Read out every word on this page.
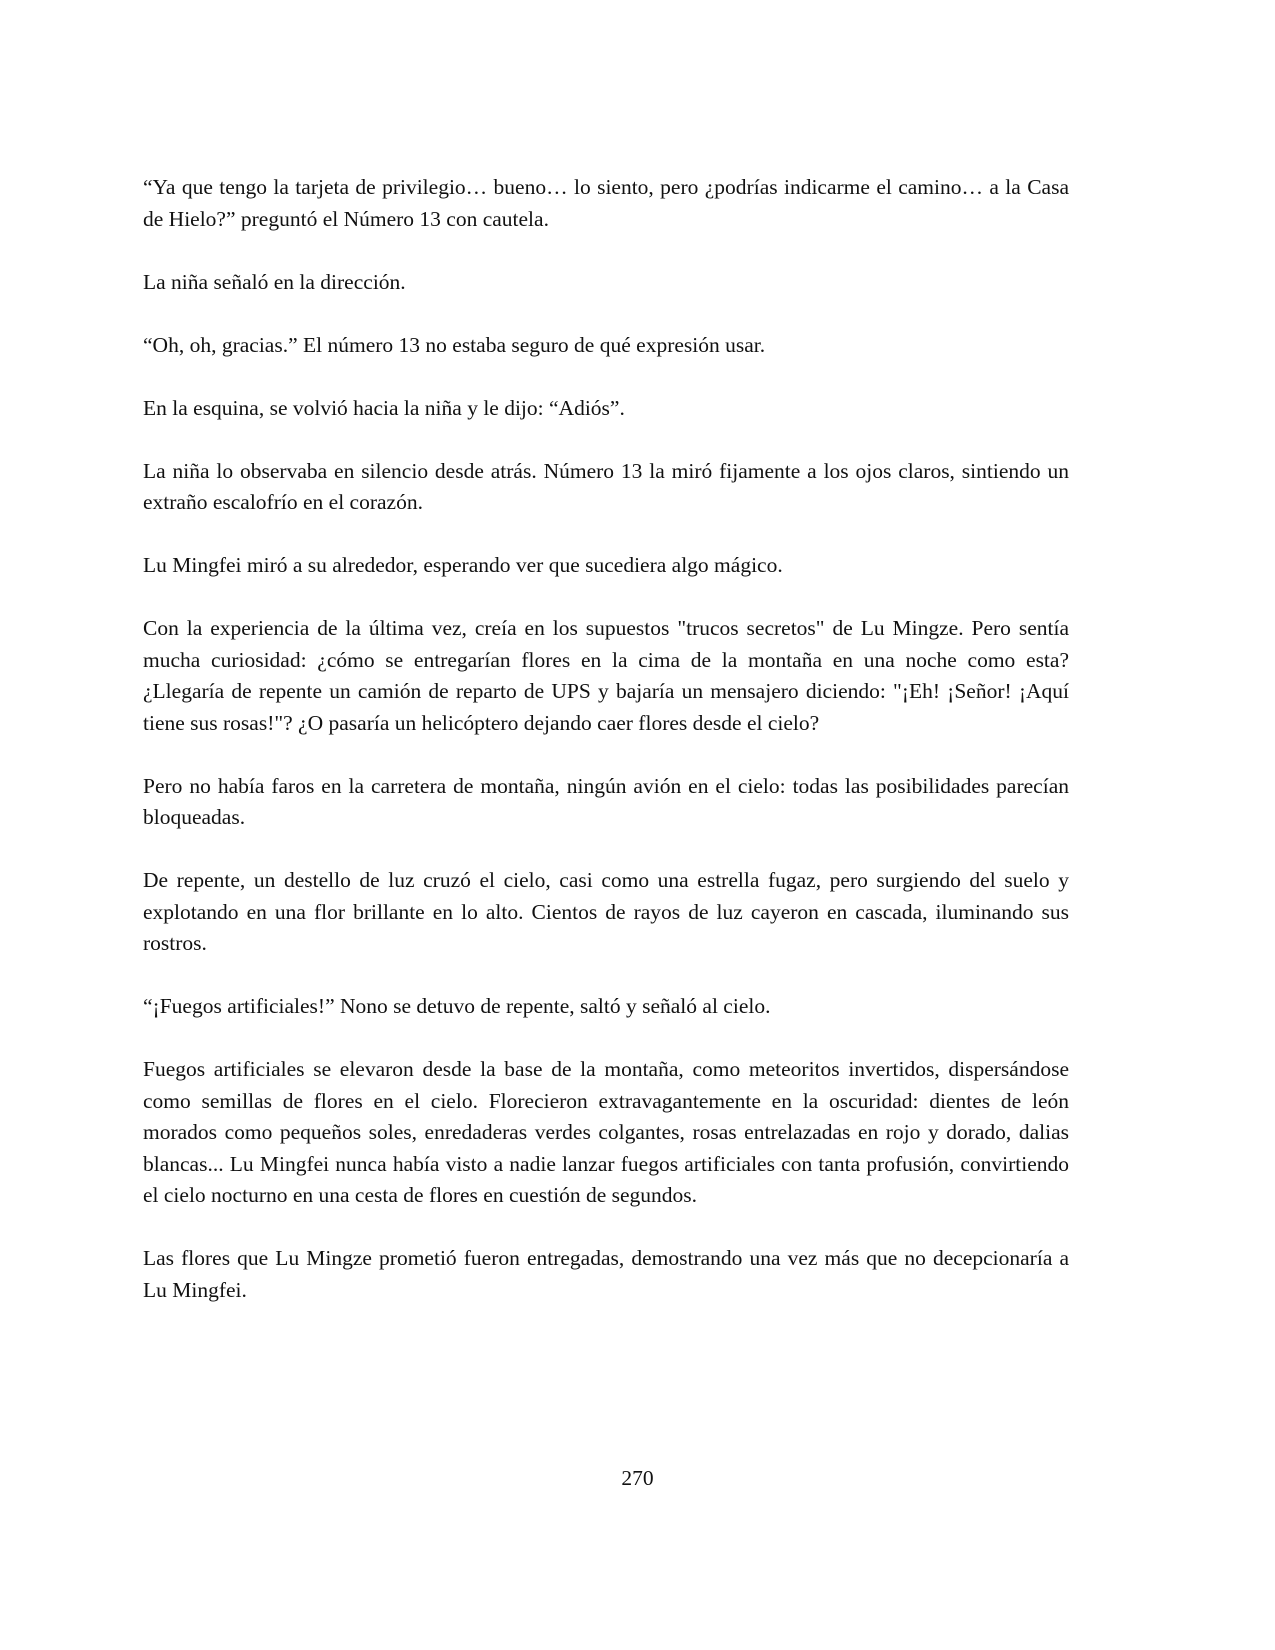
“Ya que tengo la tarjeta de privilegio… bueno… lo siento, pero ¿podrías indicarme el camino… a la Casa de Hielo?” preguntó el Número 13 con cautela.

La niña señaló en la dirección.

“Oh, oh, gracias.” El número 13 no estaba seguro de qué expresión usar.

En la esquina, se volvió hacia la niña y le dijo: “Adiós”.

La niña lo observaba en silencio desde atrás. Número 13 la miró fijamente a los ojos claros, sintiendo un extraño escalofrío en el corazón.

Lu Mingfei miró a su alrededor, esperando ver que sucediera algo mágico.

Con la experiencia de la última vez, creía en los supuestos "trucos secretos" de Lu Mingze. Pero sentía mucha curiosidad: ¿cómo se entregarían flores en la cima de la montaña en una noche como esta? ¿Llegaría de repente un camión de reparto de UPS y bajaría un mensajero diciendo: "¡Eh! ¡Señor! ¡Aquí tiene sus rosas!"? ¿O pasaría un helicóptero dejando caer flores desde el cielo?

Pero no había faros en la carretera de montaña, ningún avión en el cielo: todas las posibilidades parecían bloqueadas.

De repente, un destello de luz cruzó el cielo, casi como una estrella fugaz, pero surgiendo del suelo y explotando en una flor brillante en lo alto. Cientos de rayos de luz cayeron en cascada, iluminando sus rostros.

“¡Fuegos artificiales!” Nono se detuvo de repente, saltó y señaló al cielo.

Fuegos artificiales se elevaron desde la base de la montaña, como meteoritos invertidos, dispersándose como semillas de flores en el cielo. Florecieron extravagantemente en la oscuridad: dientes de león morados como pequeños soles, enredaderas verdes colgantes, rosas entrelazadas en rojo y dorado, dalias blancas... Lu Mingfei nunca había visto a nadie lanzar fuegos artificiales con tanta profusión, convirtiendo el cielo nocturno en una cesta de flores en cuestión de segundos.

Las flores que Lu Mingze prometió fueron entregadas, demostrando una vez más que no decepcionaría a Lu Mingfei.

270
